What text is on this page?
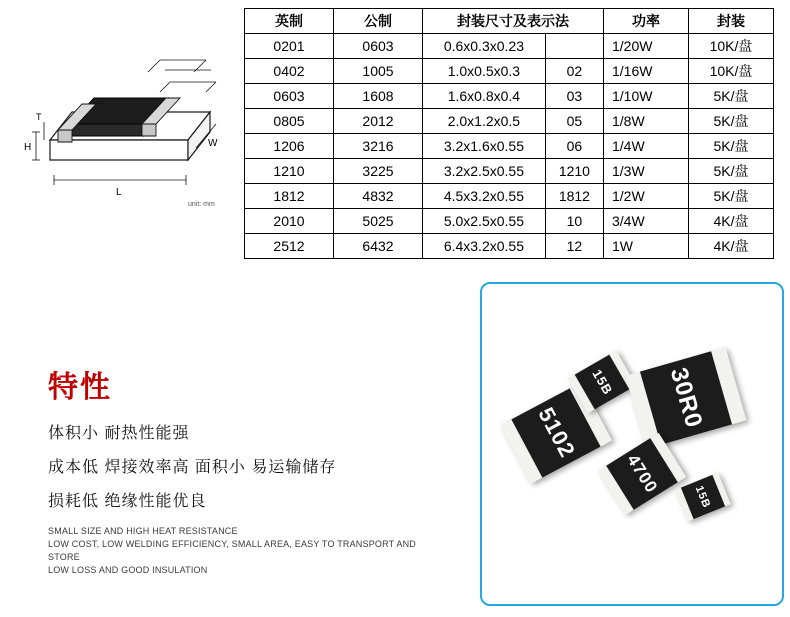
L
W
H
T
unit: mm
英制	公制	封装尺寸及表示法		功率	封装
0201	0603	0.6x0.3x0.23		1/20W	10K/盘
0402	1005	1.0x0.5x0.3	02	1/16W	10K/盘
0603	1608	1.6x0.8x0.4	03	1/10W	5K/盘
0805	2012	2.0x1.2x0.5	05	1/8W	5K/盘
1206	3216	3.2x1.6x0.55	06	1/4W	5K/盘
1210	3225	3.2x2.5x0.55	1210	1/3W	5K/盘
1812	4832	4.5x3.2x0.55	1812	1/2W	5K/盘
2010	5025	5.0x2.5x0.55	10	3/4W	4K/盘
2512	6432	6.4x3.2x0.55	12	1W	4K/盘
特性
体积小 耐热性能强
成本低 焊接效率高 面积小 易运输储存
损耗低 绝缘性能优良
SMALL SIZE AND HIGH HEAT RESISTANCE
LOW COST, LOW WELDING EFFICIENCY, SMALL AREA, EASY TO TRANSPORT AND STORE
LOW LOSS AND GOOD INSULATION
5102
15B 30R0
4700
15B
